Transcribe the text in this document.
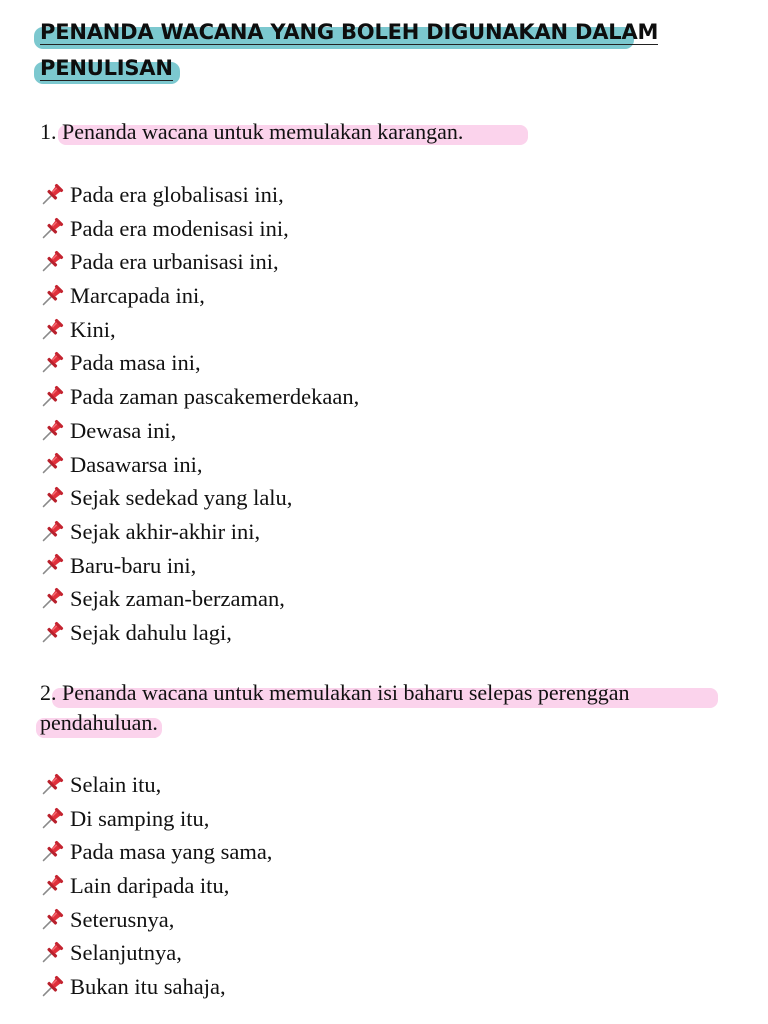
PENANDA WACANA YANG BOLEH DIGUNAKAN DALAM
PENULISAN
1. Penanda wacana untuk memulakan karangan.
Pada era globalisasi ini,
Pada era modenisasi ini,
Pada era urbanisasi ini,
Marcapada ini,
Kini,
Pada masa ini,
Pada zaman pascakemerdekaan,
Dewasa ini,
Dasawarsa ini,
Sejak sedekad yang lalu,
Sejak akhir-akhir ini,
Baru-baru ini,
Sejak zaman-berzaman,
Sejak dahulu lagi,
2. Penanda wacana untuk memulakan isi baharu selepas perenggan
pendahuluan.
Selain itu,
Di samping itu,
Pada masa yang sama,
Lain daripada itu,
Seterusnya,
Selanjutnya,
Bukan itu sahaja,
